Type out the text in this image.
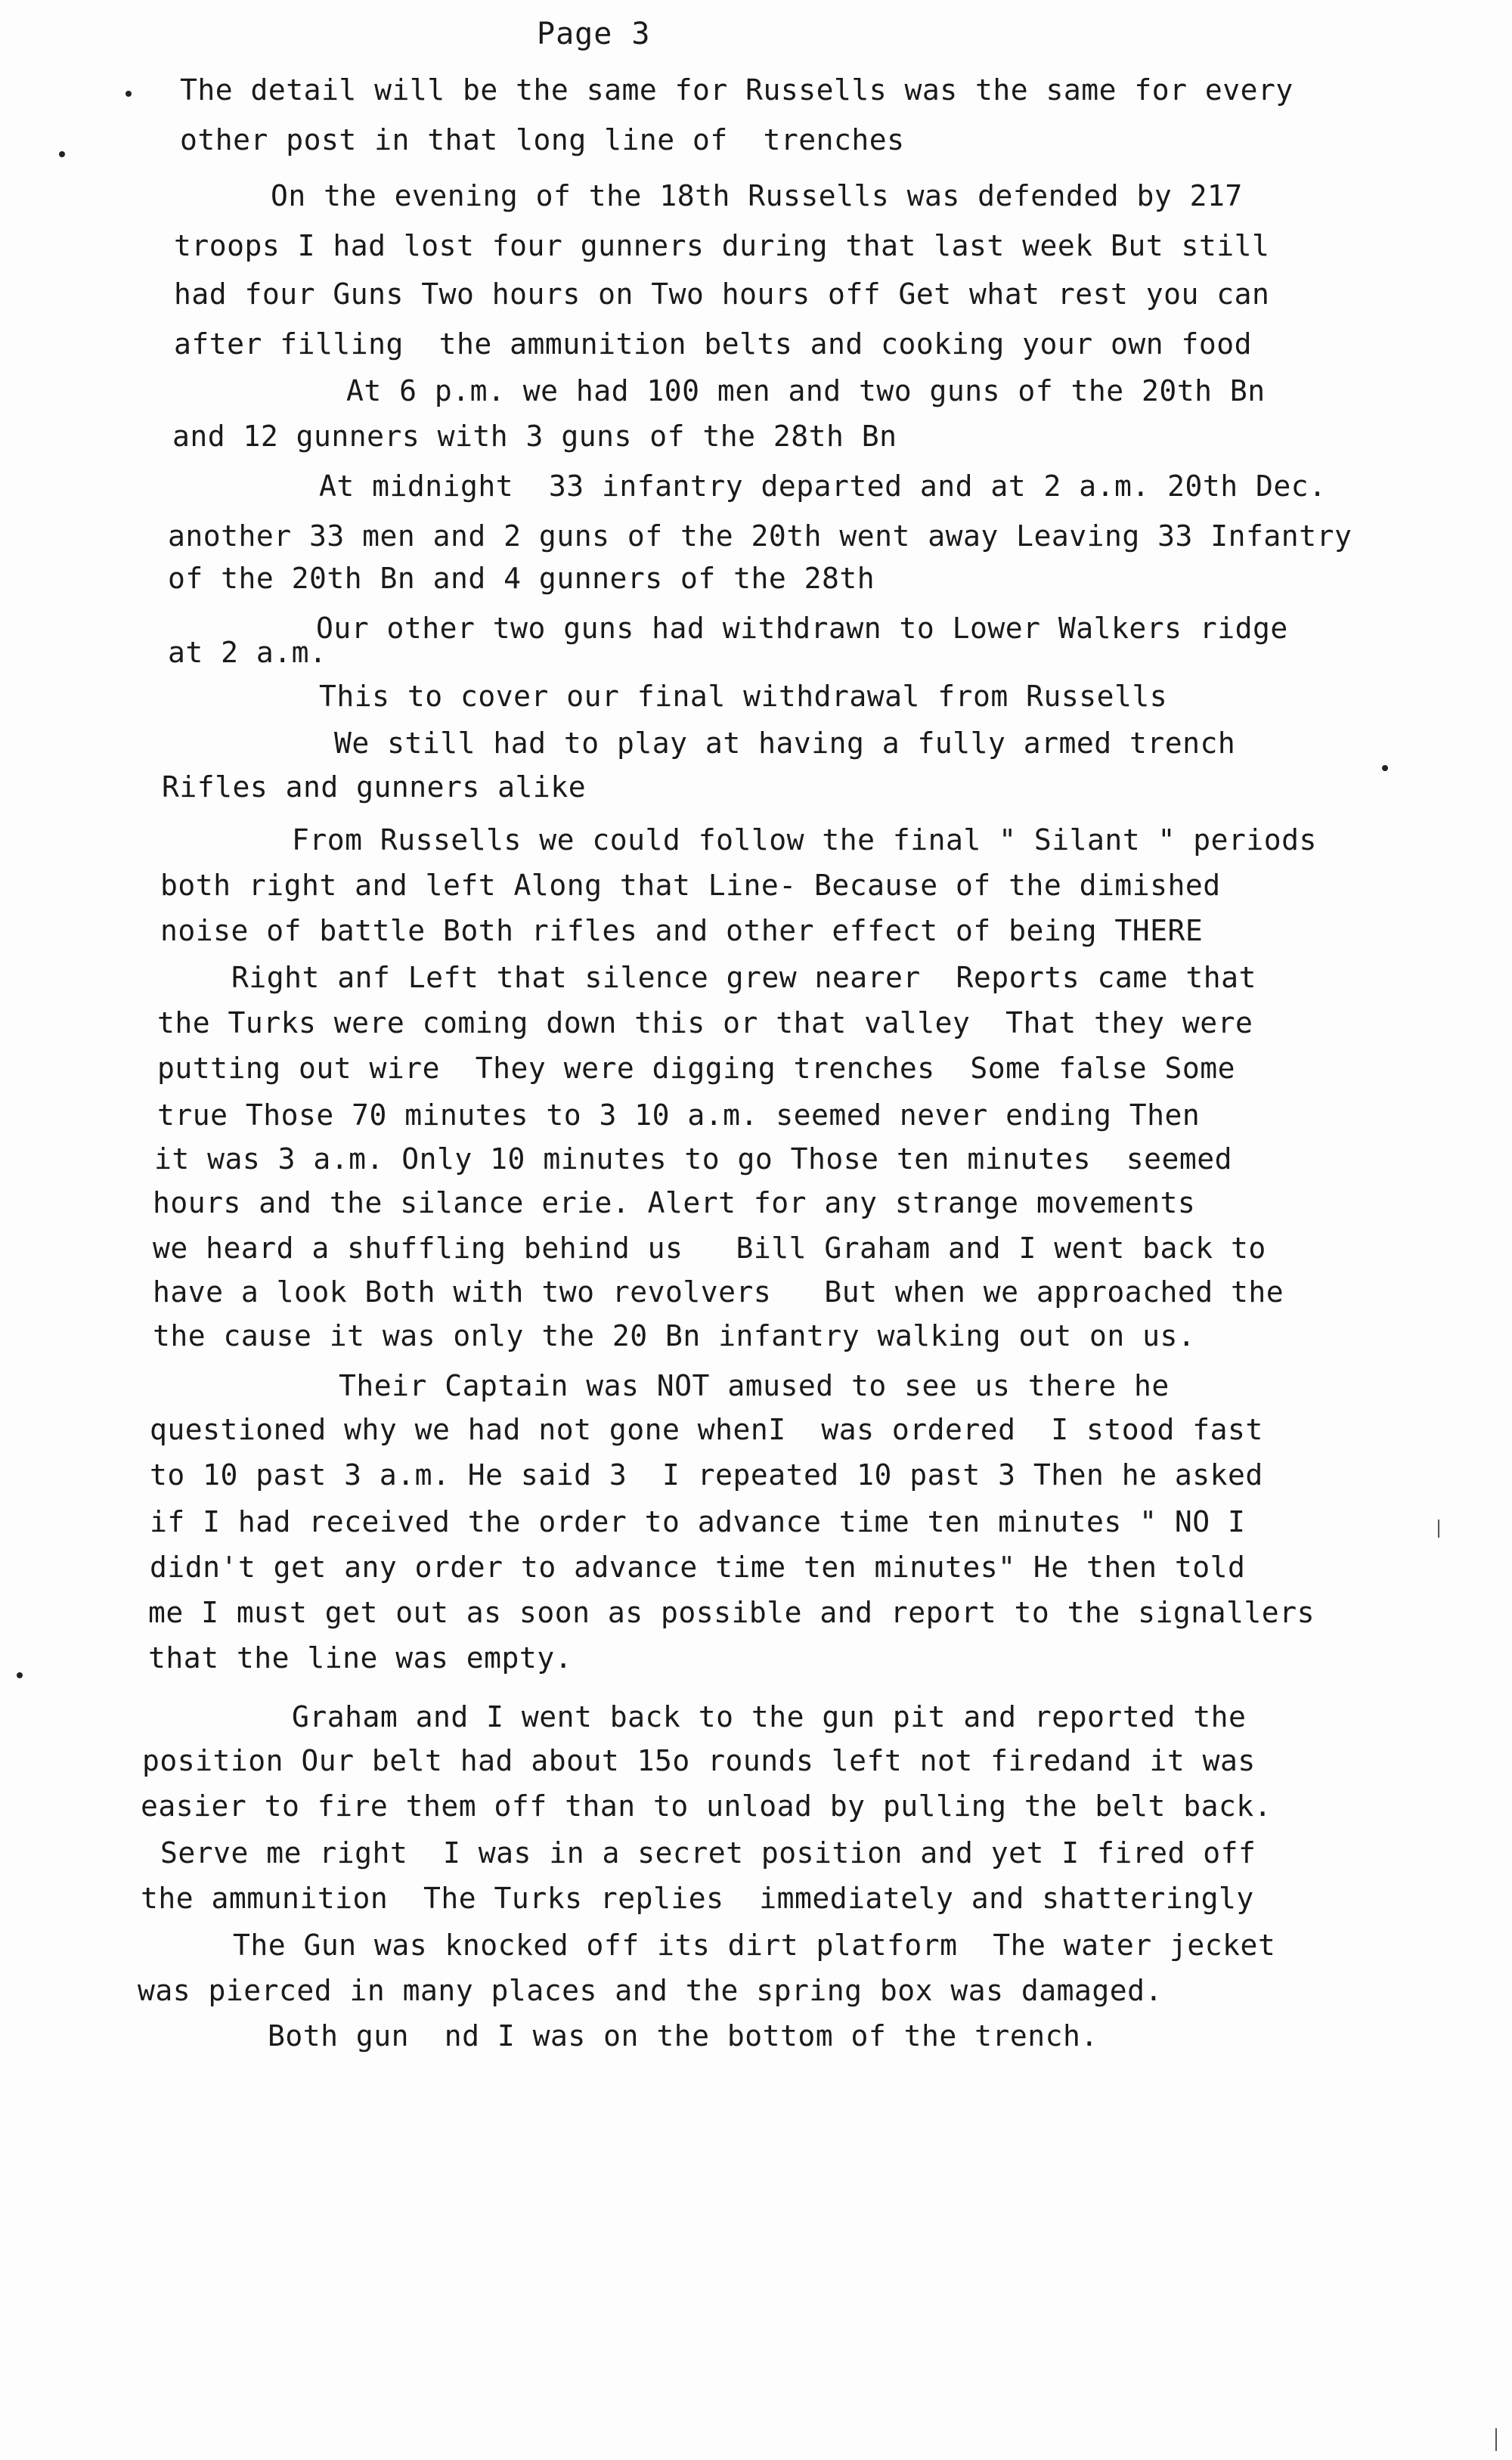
Page 3
The detail will be the same for Russells was the same for every
other post in that long line of  trenches
On the evening of the 18th Russells was defended by 217
troops I had lost four gunners during that last week But still
had four Guns Two hours on Two hours off Get what rest you can
after filling  the ammunition belts and cooking your own food
At 6 p.m. we had 100 men and two guns of the 20th Bn
and 12 gunners with 3 guns of the 28th Bn
At midnight  33 infantry departed and at 2 a.m. 20th Dec.
another 33 men and 2 guns of the 20th went away Leaving 33 Infantry
of the 20th Bn and 4 gunners of the 28th
Our other two guns had withdrawn to Lower Walkers ridge
at 2 a.m.
This to cover our final withdrawal from Russells
We still had to play at having a fully armed trench
Rifles and gunners alike
From Russells we could follow the final " Silant " periods
both right and left Along that Line- Because of the dimished
noise of battle Both rifles and other effect of being THERE
Right anf Left that silence grew nearer  Reports came that
the Turks were coming down this or that valley  That they were
putting out wire  They were digging trenches  Some false Some
true Those 70 minutes to 3 10 a.m. seemed never ending Then
it was 3 a.m. Only 10 minutes to go Those ten minutes  seemed
hours and the silance erie. Alert for any strange movements
we heard a shuffling behind us   Bill Graham and I went back to
have a look Both with two revolvers   But when we approached the
the cause it was only the 20 Bn infantry walking out on us.
Their Captain was NOT amused to see us there he
questioned why we had not gone whenI  was ordered  I stood fast
to 10 past 3 a.m. He said 3  I repeated 10 past 3 Then he asked
if I had received the order to advance time ten minutes " NO I
didn't get any order to advance time ten minutes" He then told
me I must get out as soon as possible and report to the signallers
that the line was empty.
Graham and I went back to the gun pit and reported the
position Our belt had about 15o rounds left not firedand it was
easier to fire them off than to unload by pulling the belt back.
Serve me right  I was in a secret position and yet I fired off
the ammunition  The Turks replies  immediately and shatteringly
The Gun was knocked off its dirt platform  The water jecket
was pierced in many places and the spring box was damaged.
Both gun  nd I was on the bottom of the trench.
